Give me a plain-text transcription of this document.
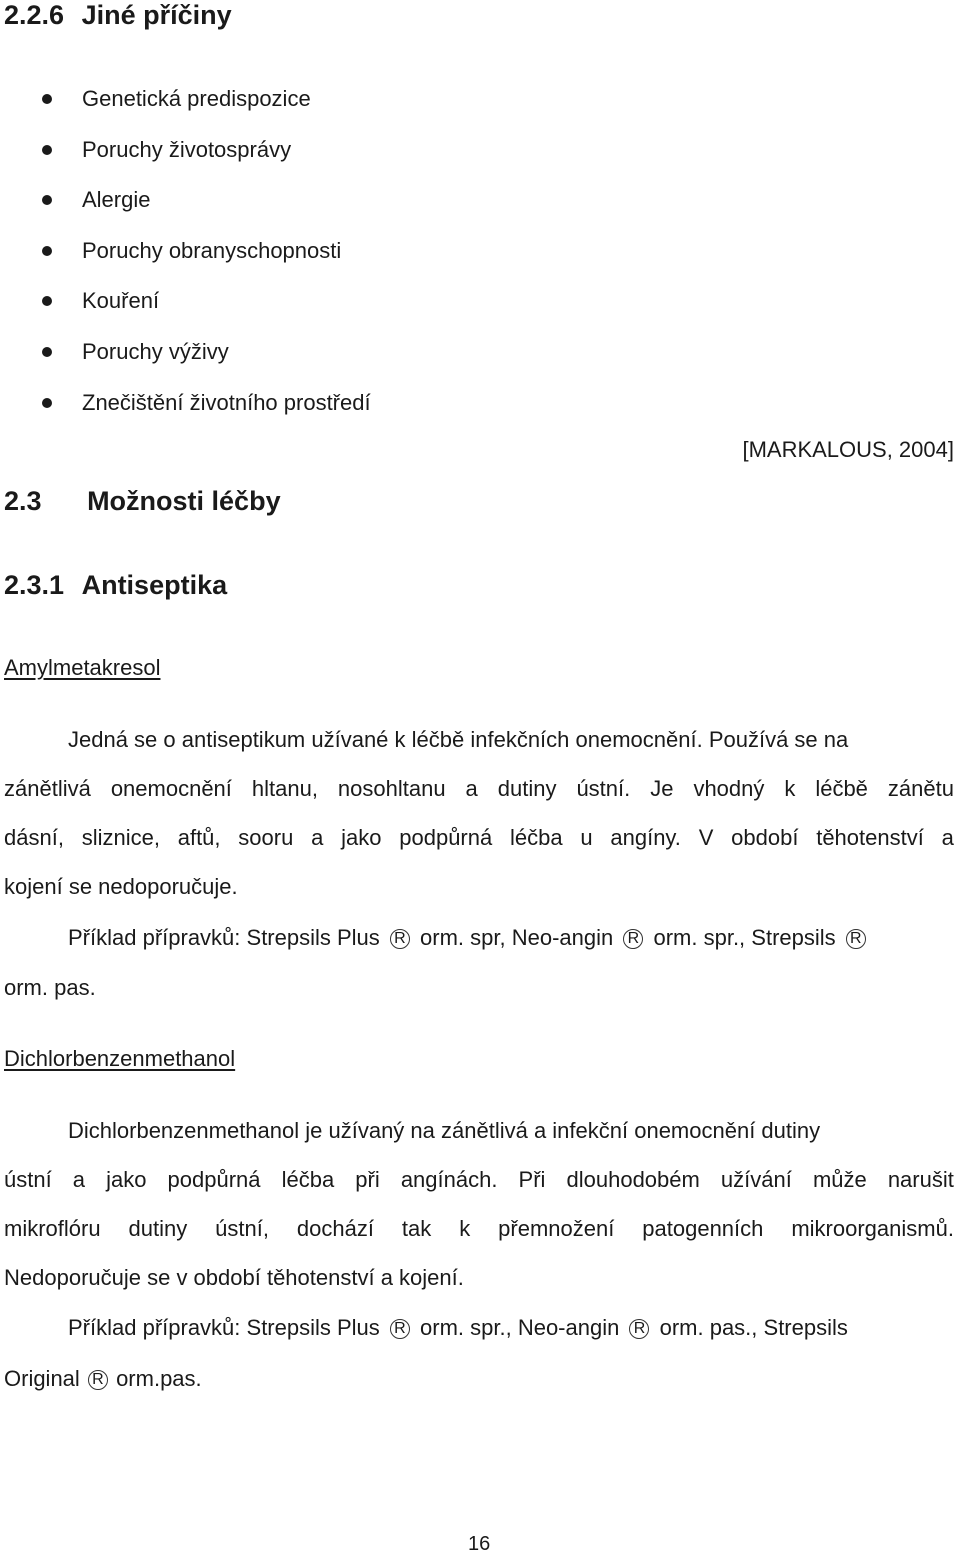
2.2.6 Jiné příčiny
Genetická predispozice
Poruchy životosprávy
Alergie
Poruchy obranyschopnosti
Kouření
Poruchy výživy
Znečištění životního prostředí
[MARKALOUS, 2004]
2.3 Možnosti léčby
2.3.1 Antiseptika
Amylmetakresol
Jedná se o antiseptikum užívané k léčbě infekčních onemocnění. Používá se na
zánětlivá onemocnění hltanu, nosohltanu a dutiny ústní. Je vhodný k léčbě zánětu
dásní, sliznice, aftů, sooru a jako podpůrná léčba u angíny. V období těhotenství a
kojení se nedoporučuje.
Příklad přípravků: Strepsils Plus R orm. spr, Neo-angin R orm. spr., Strepsils R
orm. pas.
Dichlorbenzenmethanol
Dichlorbenzenmethanol je užívaný na zánětlivá a infekční onemocnění dutiny
ústní a jako podpůrná léčba při angínách. Při dlouhodobém užívání může narušit
mikroflóru dutiny ústní, dochází tak k přemnožení patogenních mikroorganismů.
Nedoporučuje se v období těhotenství a kojení.
Příklad přípravků: Strepsils Plus R orm. spr., Neo-angin R orm. pas., Strepsils
Original R orm.pas.
16
